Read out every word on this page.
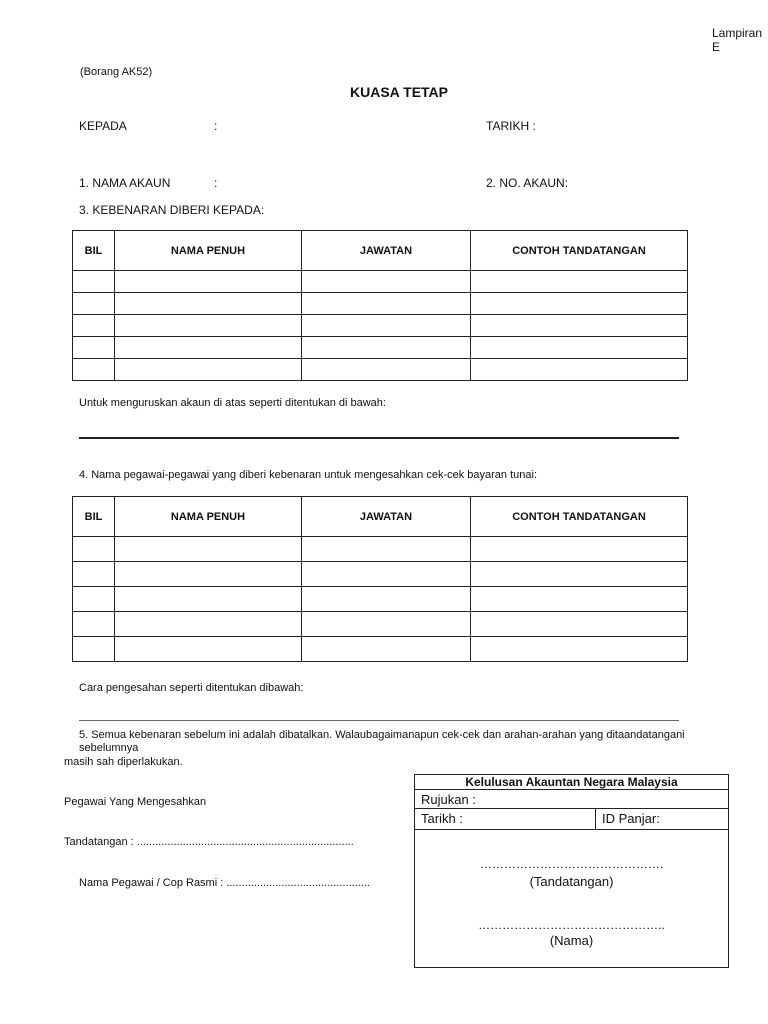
Lampiran E
(Borang AK52)
KUASA TETAP
KEPADA	:	TARIKH :
1. NAMA AKAUN	:	2. NO. AKAUN:
3. KEBENARAN DIBERI KEPADA:
BIL	NAMA PENUH	JAWATAN	CONTOH TANDATANGAN

Untuk menguruskan akaun di atas seperti ditentukan di bawah:
4. Nama pegawai-pegawai yang diberi kebenaran untuk mengesahkan cek-cek bayaran tunai:
BIL	NAMA PENUH	JAWATAN	CONTOH TANDATANGAN

Cara pengesahan seperti ditentukan dibawah:
5. Semua kebenaran sebelum ini adalah dibatalkan. Walaubagaimanapun cek-cek dan arahan-arahan yang ditaandatangani
sebelumnya
masih sah diperlakukan.
Pegawai Yang Mengesahkan
Tandatangan : .......................................................................
Nama Pegawai / Cop Rasmi : ...............................................
Kelulusan Akauntan Negara Malaysia
Rujukan :
Tarikh :	ID Panjar:
……………………………………….
(Tandatangan)
………………………………………..
(Nama)
